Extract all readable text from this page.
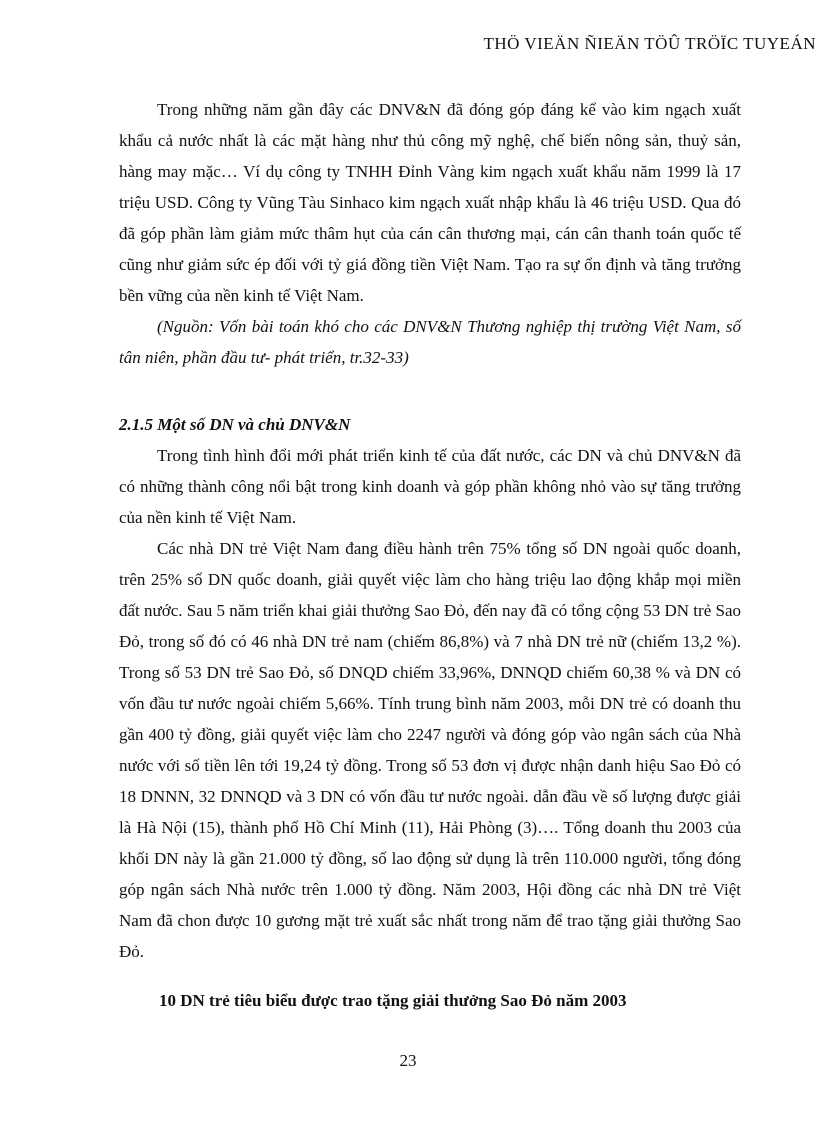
THÖ VIEÄN ÑIEÄN TÖÛ TRÖÏC TUYEÁN

Trong những năm gần đây các DNV&N đã đóng góp đáng kể vào kim ngạch xuất khẩu cả nước nhất là các mặt hàng như thủ công mỹ nghệ, chế biến nông sản, thuỷ sản, hàng may mặc… Ví dụ công ty TNHH Đỉnh Vàng kim ngạch xuất khẩu năm 1999 là 17 triệu USD. Công ty Vũng Tàu Sinhaco kim ngạch xuất nhập khẩu là 46 triệu USD. Qua đó đã góp phần làm giảm mức thâm hụt của cán cân thương mại, cán cân thanh toán quốc tế cũng như giảm sức ép đối với tỷ giá đồng tiền Việt Nam. Tạo ra sự ổn định và tăng trưởng bền vững của nền kinh tế Việt Nam.

(Nguồn: Vốn bài toán khó cho các DNV&N Thương nghiệp thị trường Việt Nam, số tân niên, phần đầu tư- phát triển, tr.32-33)

2.1.5 Một số DN và chủ DNV&N

Trong tình hình đổi mới phát triển kinh tế của đất nước, các DN và chủ DNV&N đã có những thành công nổi bật trong kinh doanh và góp phần không nhỏ vào sự tăng trưởng của nền kinh tế Việt Nam.

Các nhà DN trẻ Việt Nam đang điều hành trên 75% tổng số DN ngoài quốc doanh, trên 25% số DN quốc doanh, giải quyết việc làm cho hàng triệu lao động khắp mọi miền đất nước. Sau 5 năm triển khai giải thưởng Sao Đỏ, đến nay đã có tổng cộng 53 DN trẻ Sao Đỏ, trong số đó có 46 nhà DN trẻ nam (chiếm 86,8%) và 7 nhà DN trẻ nữ (chiếm 13,2 %). Trong số 53 DN trẻ Sao Đỏ, số DNQD chiếm 33,96%, DNNQD chiếm 60,38 % và DN có vốn đầu tư nước ngoài chiếm 5,66%. Tính trung bình năm 2003, mỗi DN trẻ có doanh thu gần 400 tỷ đồng, giải quyết việc làm cho 2247 người và đóng góp vào ngân sách của Nhà nước với số tiền lên tới 19,24 tỷ đồng. Trong số 53 đơn vị được nhận danh hiệu Sao Đỏ có 18 DNNN, 32 DNNQD và 3 DN có vốn đầu tư nước ngoài. dẫn đầu về số lượng được giải là Hà Nội (15), thành phố Hồ Chí Minh (11), Hải Phòng (3)…. Tổng doanh thu 2003 của khối DN này là gần 21.000 tỷ đồng, số lao động sử dụng là trên 110.000 người, tổng đóng góp ngân sách Nhà nước trên 1.000 tỷ đồng. Năm 2003, Hội đồng các nhà DN trẻ Việt Nam đã chon được 10 gương mặt trẻ xuất sắc nhất trong năm để trao tặng giải thưởng Sao Đỏ.

10 DN trẻ tiêu biểu được trao tặng giải thưởng Sao Đỏ năm 2003

23
